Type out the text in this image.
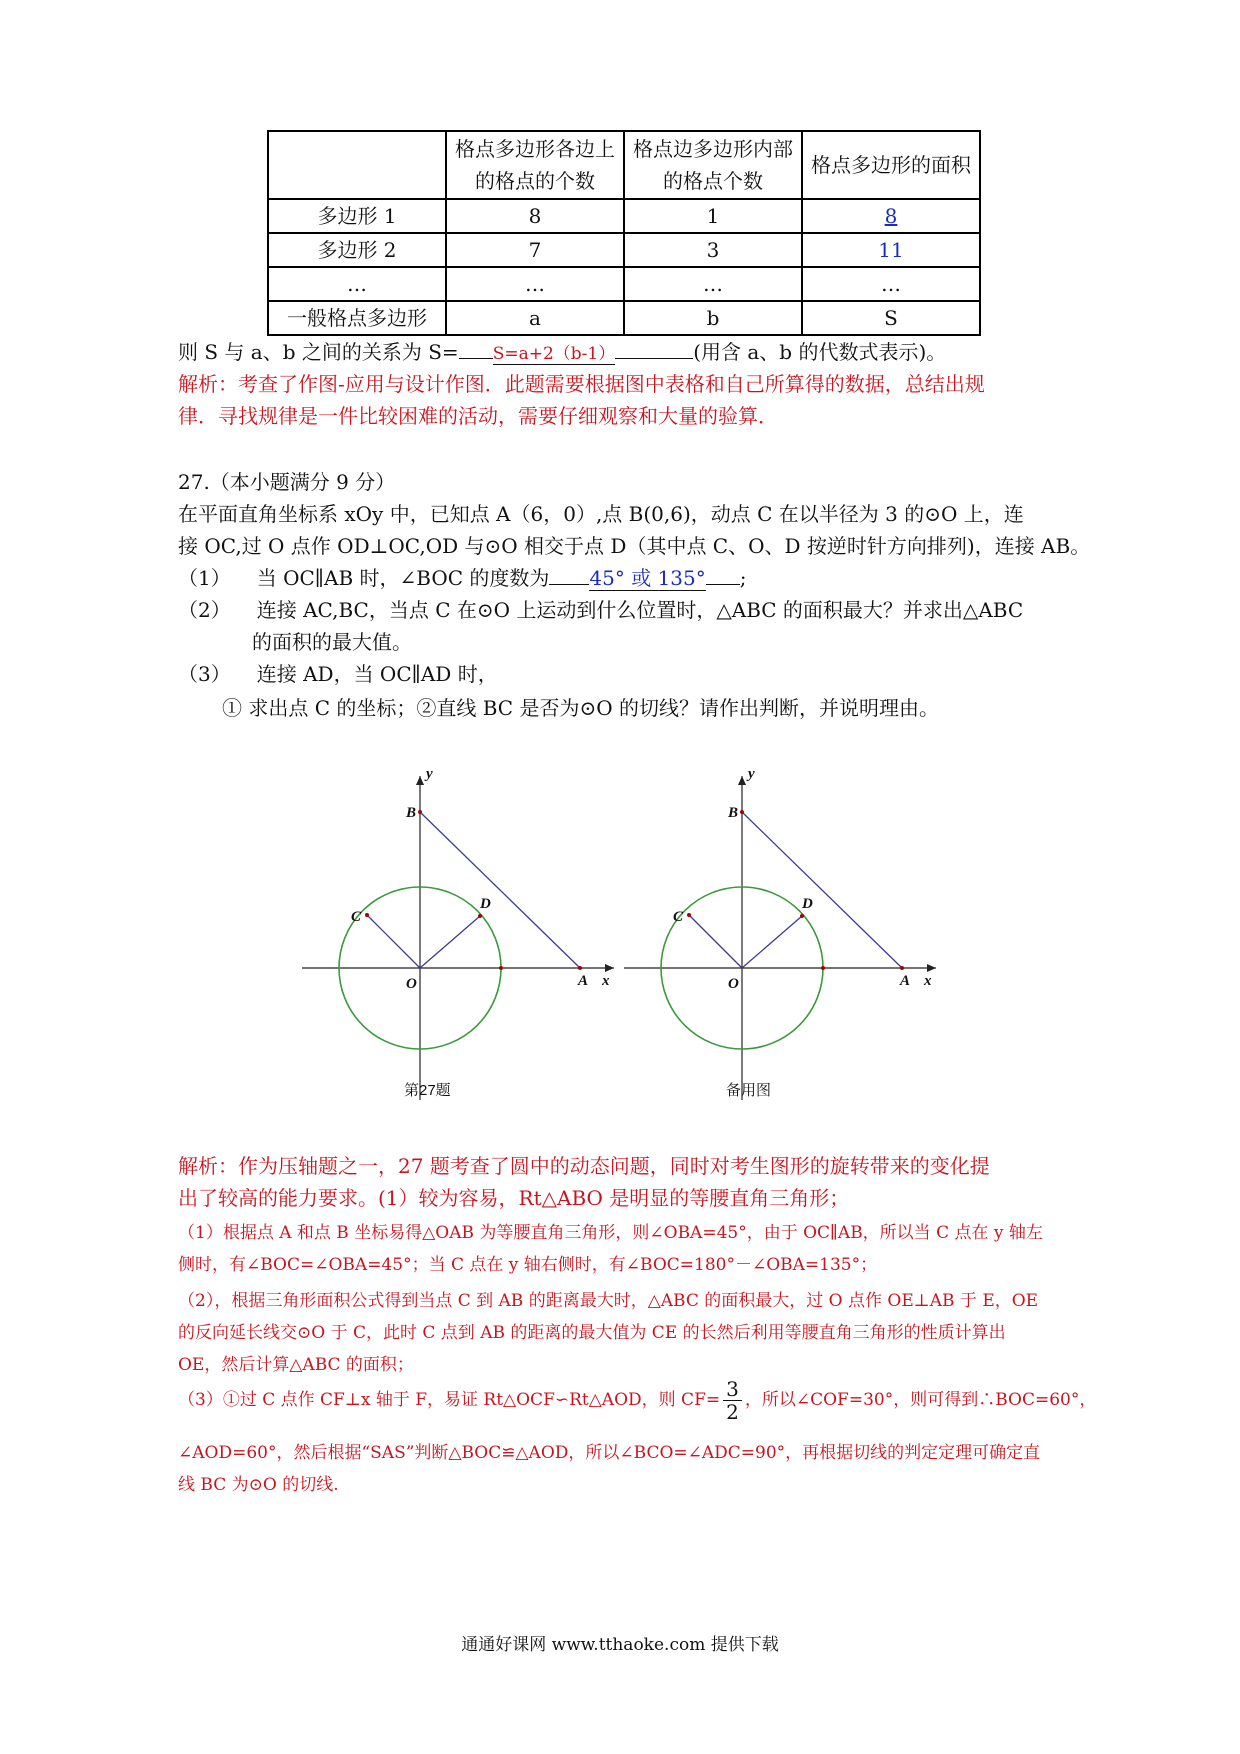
	格点多边形各边上的格点的个数	格点边多边形内部的格点个数	格点多边形的面积
多边形 1	8	1	8
多边形 2	7	3	11
…	…	…	…
一般格点多边形	a	b	S
则 S 与 a、b 之间的关系为 S= S=a+2（b-1）	(用含 a、b 的代数式表示)。
解析：考查了作图-应用与设计作图．此题需要根据图中表格和自己所算得的数据，总结出规
律．寻找规律是一件比较困难的活动，需要仔细观察和大量的验算．
27.（本小题满分 9 分）
在平面直角坐标系 xOy 中，已知点 A（6，0）,点 B(0,6)，动点 C 在以半径为 3 的⊙O 上，连
接 OC,过 O 点作 OD⊥OC,OD 与⊙O 相交于点 D（其中点 C、O、D 按逆时针方向排列)，连接 AB。
（1） 当 OC∥AB 时，∠BOC 的度数为 45° 或 135° ;
（2） 连接 AC,BC，当点 C 在⊙O 上运动到什么位置时，△ABC 的面积最大？并求出△ABC
的面积的最大值。
（3） 连接 AD，当 OC∥AD 时，
① 求出点 C 的坐标；②直线 BC 是否为⊙O 的切线？请作出判断，并说明理由。
y
B
C
D
O	A x
第27题
y
B
C
D
O	A x
备用图
解析：作为压轴题之一，27 题考查了圆中的动态问题，同时对考生图形的旋转带来的变化提
出了较高的能力要求。(1）较为容易，Rt△ABO 是明显的等腰直角三角形；
（1）根据点 A 和点 B 坐标易得△OAB 为等腰直角三角形，则∠OBA=45°，由于 OC∥AB，所以当 C 点在 y 轴左
侧时，有∠BOC=∠OBA=45°；当 C 点在 y 轴右侧时，有∠BOC=180°－∠OBA=135°；
（2），根据三角形面积公式得到当点 C 到 AB 的距离最大时，△ABC 的面积最大，过 O 点作 OE⊥AB 于 E，OE
的反向延长线交⊙O 于 C，此时 C 点到 AB 的距离的最大值为 CE 的长然后利用等腰直角三角形的性质计算出
OE，然后计算△ABC 的面积；
（3）①过 C 点作 CF⊥x 轴于 F，易证 Rt△OCF∽Rt△AOD，则 $CF= \frac{3}{2}$ ，所以∠COF=30°，则可得到∴BOC=60°，
∠AOD=60°，然后根据“SAS”判断△BOC≌△AOD，所以∠BCO=∠ADC=90°，再根据切线的判定定理可确定直
线 BC 为⊙O 的切线.
通通好课网 www.tthaoke.com 提供下载
